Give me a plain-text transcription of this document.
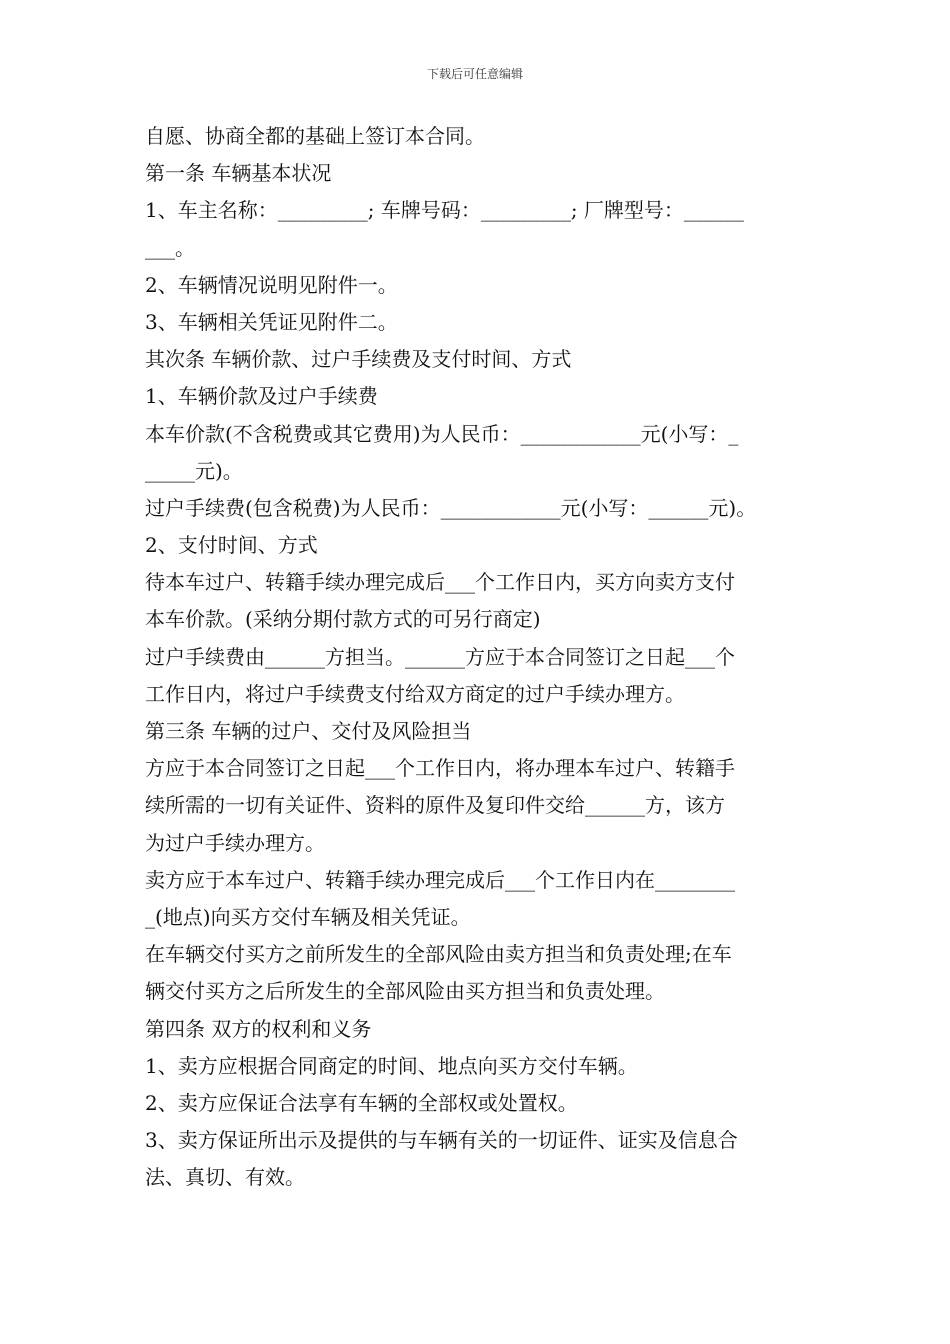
下载后可任意编辑
自愿、协商全都的基础上签订本合同。
第一条 车辆基本状况
1、车主名称：_________; 车牌号码：_________; 厂牌型号：______
___。
2、车辆情况说明见附件一。
3、车辆相关凭证见附件二。
其次条 车辆价款、过户手续费及支付时间、方式
1、车辆价款及过户手续费
本车价款(不含税费或其它费用)为人民币：____________元(小写：_
_____元)。
过户手续费(包含税费)为人民币：____________元(小写：______元)。
2、支付时间、方式
待本车过户、转籍手续办理完成后___个工作日内，买方向卖方支付
本车价款。(采纳分期付款方式的可另行商定)
过户手续费由______方担当。______方应于本合同签订之日起___个
工作日内，将过户手续费支付给双方商定的过户手续办理方。
第三条 车辆的过户、交付及风险担当
方应于本合同签订之日起___个工作日内，将办理本车过户、转籍手
续所需的一切有关证件、资料的原件及复印件交给______方，该方
为过户手续办理方。
卖方应于本车过户、转籍手续办理完成后___个工作日内在________
_(地点)向买方交付车辆及相关凭证。
在车辆交付买方之前所发生的全部风险由卖方担当和负责处理;在车
辆交付买方之后所发生的全部风险由买方担当和负责处理。
第四条 双方的权利和义务
1、卖方应根据合同商定的时间、地点向买方交付车辆。
2、卖方应保证合法享有车辆的全部权或处置权。
3、卖方保证所出示及提供的与车辆有关的一切证件、证实及信息合
法、真切、有效。
